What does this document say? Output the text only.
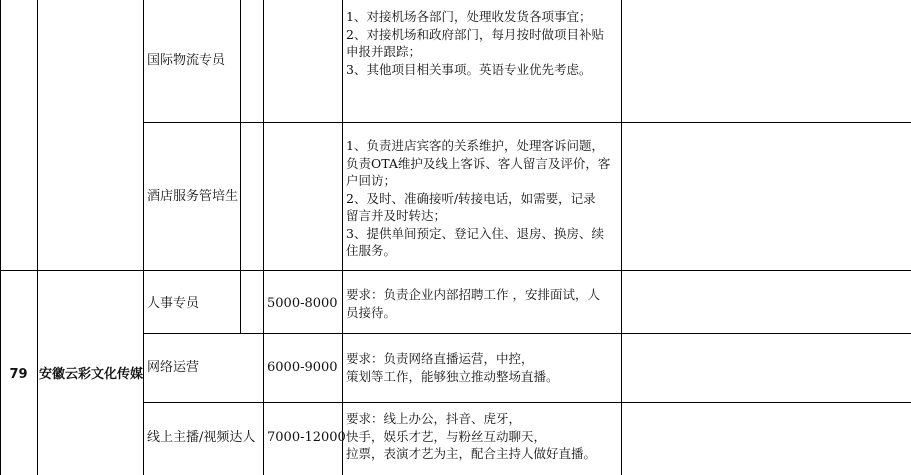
国际物流专员
1、对接机场各部门，处理收发货各项事宜；
2、对接机场和政府部门，每月按时做项目补贴
申报并跟踪；
3、其他项目相关事项。英语专业优先考虑。
酒店服务管培生
1、负责进店宾客的关系维护，处理客诉问题，
负责OTA维护及线上客诉、客人留言及评价，客
户回访；
2、及时、准确接听/转接电话，如需要，记录
留言并及时转达；
3、提供单间预定、登记入住、退房、换房、续
住服务。
79 安徽云彩文化传媒
人事专员	5000-8000
要求：负责企业内部招聘工作 ，安排面试，人
员接待。
网络运营	6000-9000
要求：负责网络直播运营，中控，
策划等工作，能够独立推动整场直播。
线上主播/视频达人 7000-12000
要求：线上办公，抖音、虎牙，
快手，娱乐才艺，与粉丝互动聊天，
拉票，表演才艺为主，配合主持人做好直播。
